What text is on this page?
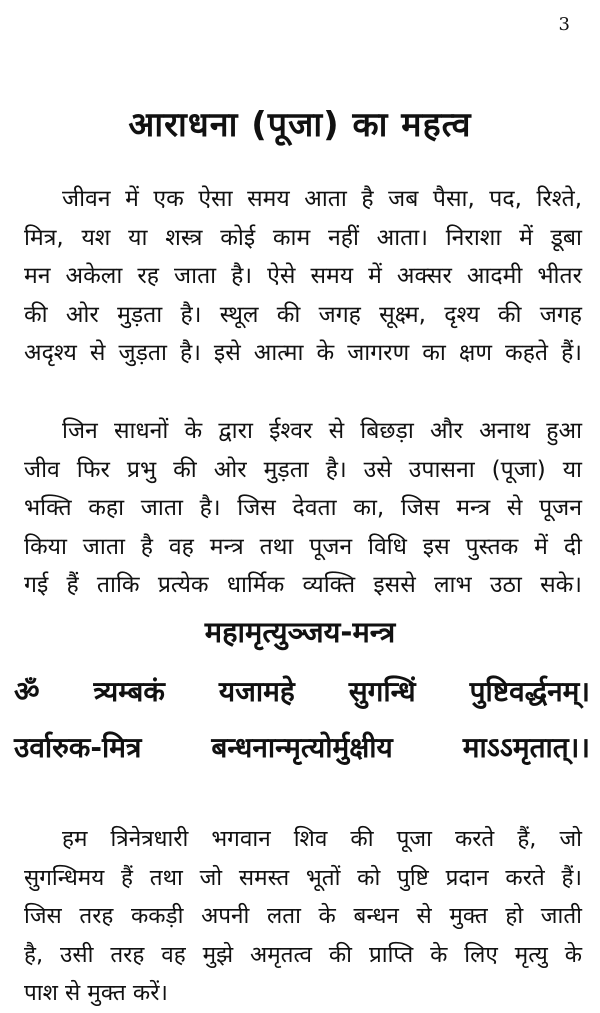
3
आराधना (पूजा) का महत्व
जीवन में एक ऐसा समय आता है जब पैसा, पद, रिश्ते,
मित्र, यश या शस्त्र कोई काम नहीं आता। निराशा में डूबा
मन अकेला रह जाता है। ऐसे समय में अक्सर आदमी भीतर
की ओर मुड़ता है। स्थूल की जगह सूक्ष्म, दृश्य की जगह
अदृश्य से जुड़ता है। इसे आत्मा के जागरण का क्षण कहते हैं।
जिन साधनों के द्वारा ईश्वर से बिछड़ा और अनाथ हुआ
जीव फिर प्रभु की ओर मुड़ता है। उसे उपासना (पूजा) या
भक्ति कहा जाता है। जिस देवता का, जिस मन्त्र से पूजन
किया जाता है वह मन्त्र तथा पूजन विधि इस पुस्तक में दी
गई हैं ताकि प्रत्येक धार्मिक व्यक्ति इससे लाभ उठा सके।
महामृत्युञ्जय-मन्त्र
ॐ त्र्यम्बकं यजामहे सुगन्धिं पुष्टिवर्द्धनम्।
उर्वारुक-मित्र बन्धनान्मृत्योर्मुक्षीय माऽऽमृतात्।।
हम त्रिनेत्रधारी भगवान शिव की पूजा करते हैं, जो
सुगन्धिमय हैं तथा जो समस्त भूतों को पुष्टि प्रदान करते हैं।
जिस तरह ककड़ी अपनी लता के बन्धन से मुक्त हो जाती
है, उसी तरह वह मुझे अमृतत्व की प्राप्ति के लिए मृत्यु के
पाश से मुक्त करें।
